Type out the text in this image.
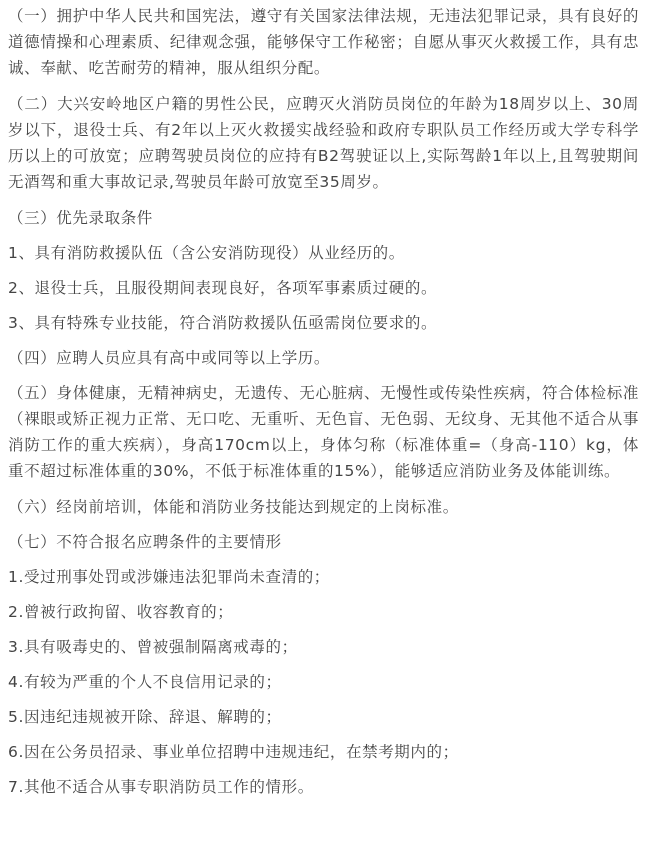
（一）拥护中华人民共和国宪法，遵守有关国家法律法规，无违法犯罪记录，具有良好的道德情操和心理素质、纪律观念强，能够保守工作秘密；自愿从事灭火救援工作，具有忠诚、奉献、吃苦耐劳的精神，服从组织分配。

（二）大兴安岭地区户籍的男性公民，应聘灭火消防员岗位的年龄为18周岁以上、30周岁以下，退役士兵、有2年以上灭火救援实战经验和政府专职队员工作经历或大学专科学历以上的可放宽；应聘驾驶员岗位的应持有B2驾驶证以上,实际驾龄1年以上,且驾驶期间无酒驾和重大事故记录,驾驶员年龄可放宽至35周岁。

（三）优先录取条件

1、具有消防救援队伍（含公安消防现役）从业经历的。

2、退役士兵，且服役期间表现良好，各项军事素质过硬的。

3、具有特殊专业技能，符合消防救援队伍亟需岗位要求的。

（四）应聘人员应具有高中或同等以上学历。

（五）身体健康，无精神病史，无遗传、无心脏病、无慢性或传染性疾病，符合体检标准（裸眼或矫正视力正常、无口吃、无重听、无色盲、无色弱、无纹身、无其他不适合从事消防工作的重大疾病），身高170cm以上，身体匀称（标准体重=（身高-110）kg，体重不超过标准体重的30%，不低于标准体重的15%），能够适应消防业务及体能训练。

（六）经岗前培训，体能和消防业务技能达到规定的上岗标准。

（七）不符合报名应聘条件的主要情形

1.受过刑事处罚或涉嫌违法犯罪尚未查清的；

2.曾被行政拘留、收容教育的；

3.具有吸毒史的、曾被强制隔离戒毒的；

4.有较为严重的个人不良信用记录的；

5.因违纪违规被开除、辞退、解聘的；

6.因在公务员招录、事业单位招聘中违规违纪，在禁考期内的；

7.其他不适合从事专职消防员工作的情形。
